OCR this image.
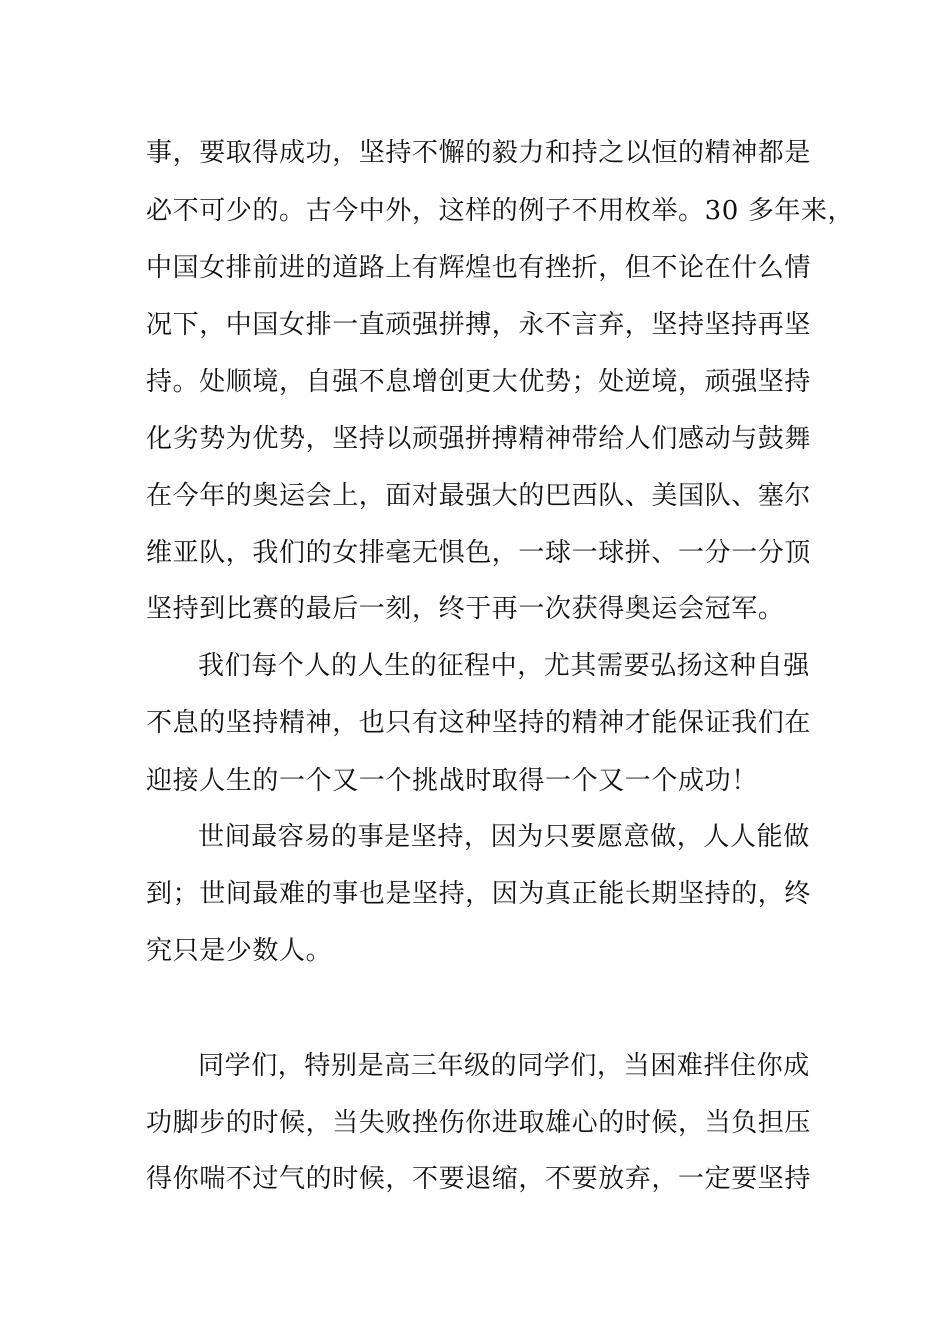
事，要取得成功，坚持不懈的毅力和持之以恒的精神都是
必不可少的。古今中外，这样的例子不用枚举。30 多年来，
中国女排前进的道路上有辉煌也有挫折，但不论在什么情
况下，中国女排一直顽强拼搏，永不言弃，坚持坚持再坚
持。处顺境，自强不息增创更大优势；处逆境，顽强坚持
化劣势为优势，坚持以顽强拼搏精神带给人们感动与鼓舞
在今年的奥运会上，面对最强大的巴西队、美国队、塞尔
维亚队，我们的女排毫无惧色，一球一球拼、一分一分顶
坚持到比赛的最后一刻，终于再一次获得奥运会冠军。
我们每个人的人生的征程中，尤其需要弘扬这种自强
不息的坚持精神，也只有这种坚持的精神才能保证我们在
迎接人生的一个又一个挑战时取得一个又一个成功！
世间最容易的事是坚持，因为只要愿意做，人人能做
到；世间最难的事也是坚持，因为真正能长期坚持的，终
究只是少数人。
同学们，特别是高三年级的同学们，当困难拌住你成
功脚步的时候，当失败挫伤你进取雄心的时候，当负担压
得你喘不过气的时候，不要退缩，不要放弃，一定要坚持
